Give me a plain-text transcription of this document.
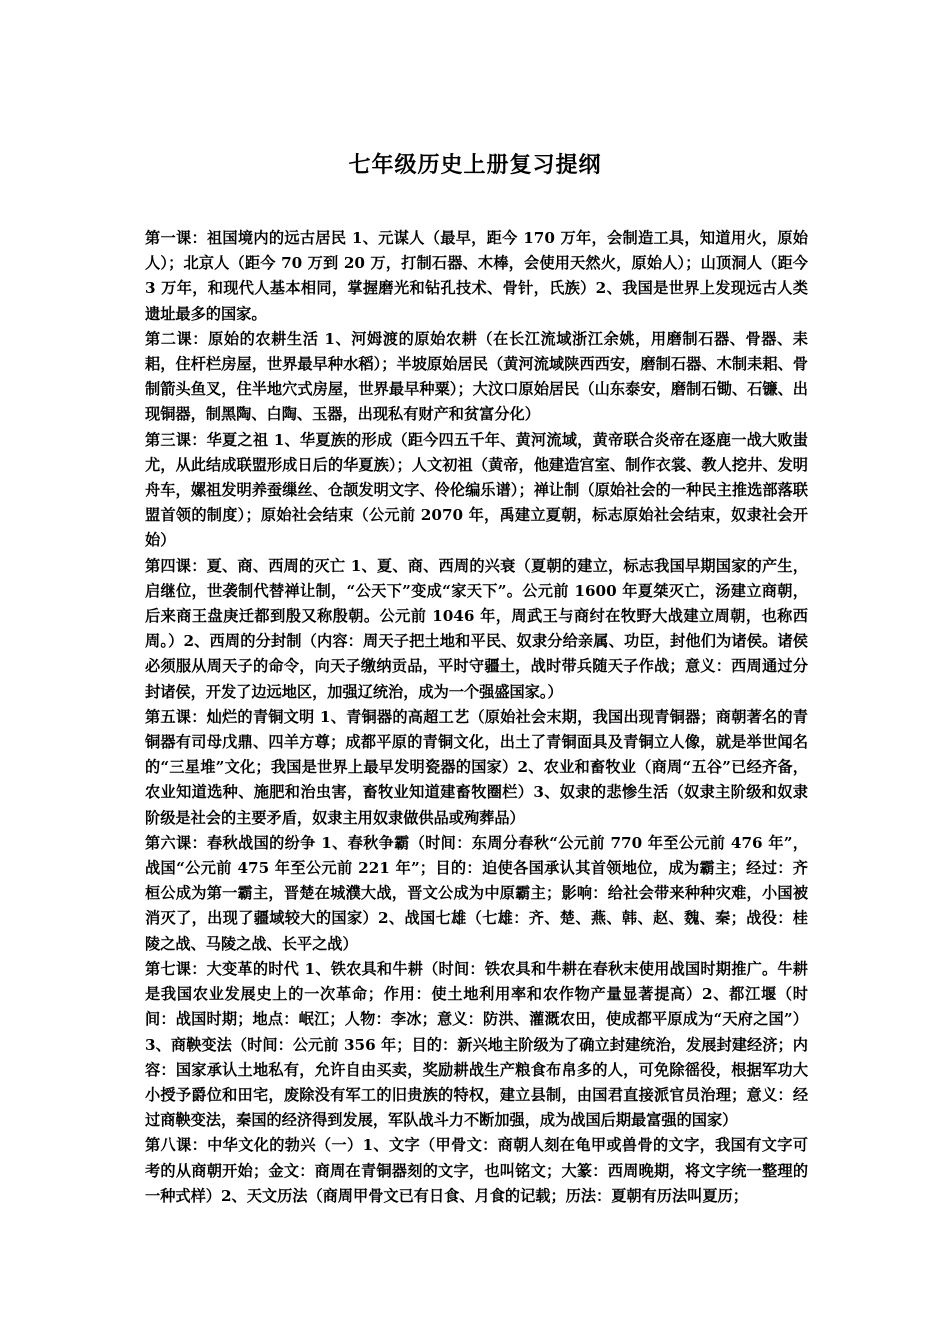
七年级历史上册复习提纲

第一课：祖国境内的远古居民 1、元谋人（最早，距今 170 万年，会制造工具，知道用火，原始人）；北京人（距今 70 万到 20 万，打制石器、木棒，会使用天然火，原始人）；山顶洞人（距今 3 万年，和现代人基本相同，掌握磨光和钻孔技术、骨针，氏族）2、我国是世界上发现远古人类遗址最多的国家。

第二课：原始的农耕生活 1、河姆渡的原始农耕（在长江流域浙江余姚，用磨制石器、骨器、耒耜，住杆栏房屋，世界最早种水稻）；半坡原始居民（黄河流域陕西西安，磨制石器、木制耒耜、骨制箭头鱼叉，住半地穴式房屋，世界最早种粟）；大汶口原始居民（山东泰安，磨制石锄、石镰、出现铜器，制黑陶、白陶、玉器，出现私有财产和贫富分化）

第三课：华夏之祖 1、华夏族的形成（距今四五千年、黄河流域，黄帝联合炎帝在逐鹿一战大败蚩尤，从此结成联盟形成日后的华夏族）；人文初祖（黄帝，他建造宫室、制作衣裳、教人挖井、发明舟车，嫘祖发明养蚕缫丝、仓颉发明文字、伶伦编乐谱）；禅让制（原始社会的一种民主推选部落联盟首领的制度）；原始社会结束（公元前 2070 年，禹建立夏朝，标志原始社会结束，奴隶社会开始）

第四课：夏、商、西周的灭亡 1、夏、商、西周的兴衰（夏朝的建立，标志我国早期国家的产生，启继位，世袭制代替禅让制，“公天下”变成“家天下”。公元前 1600 年夏桀灭亡，汤建立商朝，后来商王盘庚迁都到殷又称殷朝。公元前 1046 年，周武王与商纣在牧野大战建立周朝，也称西周。）2、西周的分封制（内容：周天子把土地和平民、奴隶分给亲属、功臣，封他们为诸侯。诸侯必须服从周天子的命令，向天子缴纳贡品，平时守疆土，战时带兵随天子作战；意义：西周通过分封诸侯，开发了边远地区，加强辽统治，成为一个强盛国家。）

第五课：灿烂的青铜文明 1、青铜器的高超工艺（原始社会末期，我国出现青铜器；商朝著名的青铜器有司母戊鼎、四羊方尊；成都平原的青铜文化，出土了青铜面具及青铜立人像，就是举世闻名的“三星堆”文化；我国是世界上最早发明瓷器的国家）2、农业和畜牧业（商周“五谷”已经齐备，农业知道选种、施肥和治虫害，畜牧业知道建畜牧圈栏）3、奴隶的悲惨生活（奴隶主阶级和奴隶阶级是社会的主要矛盾，奴隶主用奴隶做供品或殉葬品）

第六课：春秋战国的纷争 1、春秋争霸（时间：东周分春秋“公元前 770 年至公元前 476 年”，战国“公元前 475 年至公元前 221 年”；目的：迫使各国承认其首领地位，成为霸主；经过：齐桓公成为第一霸主，晋楚在城濮大战，晋文公成为中原霸主；影响：给社会带来种种灾难，小国被消灭了，出现了疆域较大的国家）2、战国七雄（七雄：齐、楚、燕、韩、赵、魏、秦；战役：桂陵之战、马陵之战、长平之战）

第七课：大变革的时代 1、铁农具和牛耕（时间：铁农具和牛耕在春秋末使用战国时期推广。牛耕是我国农业发展史上的一次革命；作用：使土地利用率和农作物产量显著提高）2、都江堰（时间：战国时期；地点：岷江；人物：李冰；意义：防洪、灌溉农田，使成都平原成为“天府之国”）3、商鞅变法（时间：公元前 356 年；目的：新兴地主阶级为了确立封建统治，发展封建经济；内容：国家承认土地私有，允许自由买卖，奖励耕战生产粮食布帛多的人，可免除徭役，根据军功大小授予爵位和田宅，废除没有军工的旧贵族的特权，建立县制，由国君直接派官员治理；意义：经过商鞅变法，秦国的经济得到发展，军队战斗力不断加强，成为战国后期最富强的国家）

第八课：中华文化的勃兴（一）1、文字（甲骨文：商朝人刻在龟甲或兽骨的文字，我国有文字可考的从商朝开始；金文：商周在青铜器刻的文字，也叫铭文；大篆：西周晚期，将文字统一整理的一种式样）2、天文历法（商周甲骨文已有日食、月食的记载；历法：夏朝有历法叫夏历；
